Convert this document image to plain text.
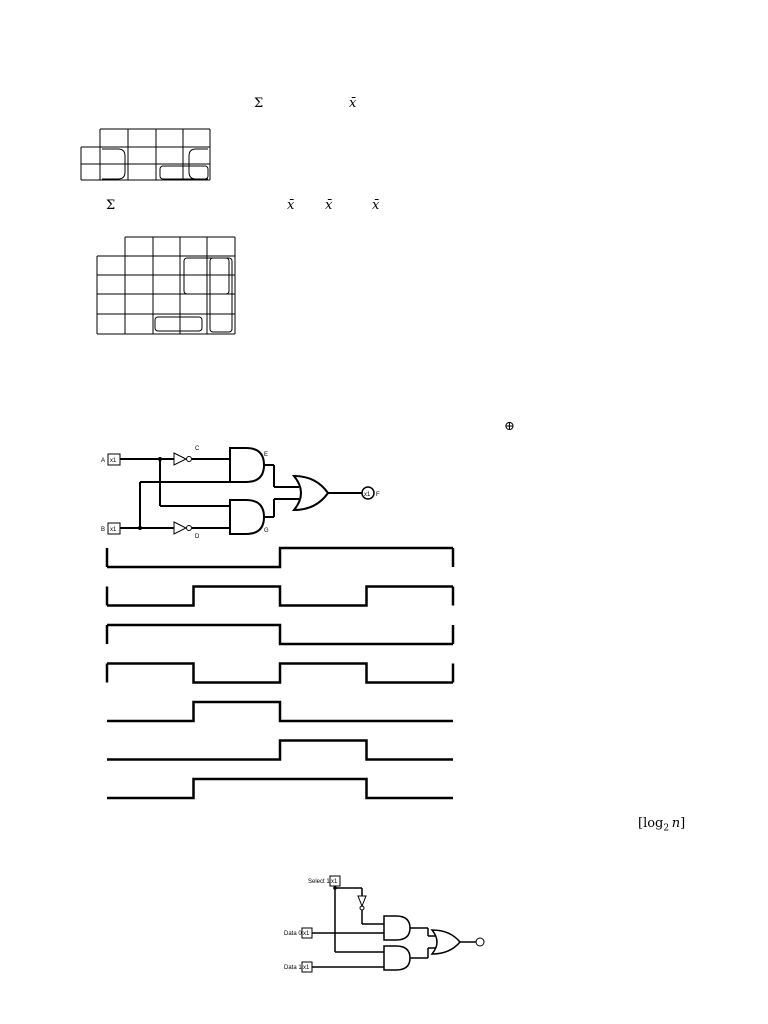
Σ	x̄
Σ	x̄ x̄	x̄
⊕
A x1
B x1
C
D
E
G
x1 F
[$\log_2$  n]
Select 1 x1
Data 0 x1
Data 1 x1
